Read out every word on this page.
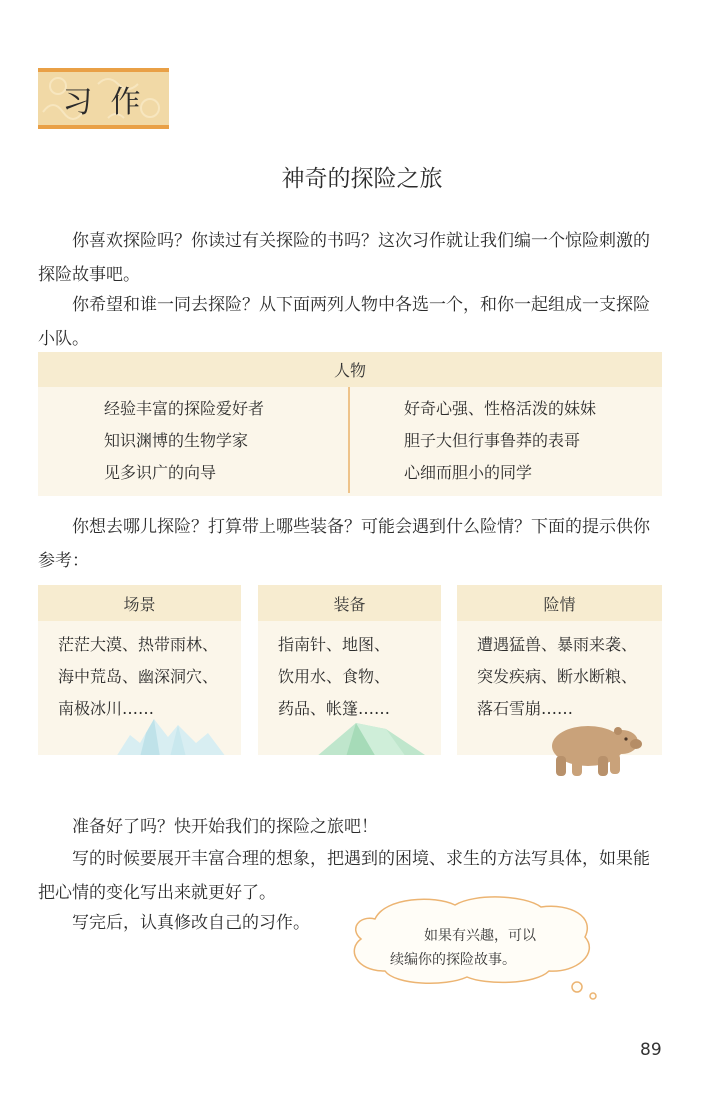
习作
神奇的探险之旅

你喜欢探险吗？你读过有关探险的书吗？这次习作就让我们编一个惊险刺激的探险故事吧。

你希望和谁一同去探险？从下面两列人物中各选一个，和你一起组成一支探险小队。

人物
经验丰富的探险爱好者
知识渊博的生物学家
见多识广的向导
好奇心强、性格活泼的妹妹
胆子大但行事鲁莽的表哥
心细而胆小的同学

你想去哪儿探险？打算带上哪些装备？可能会遇到什么险情？下面的提示供你参考：

场景
茫茫大漠、热带雨林、
海中荒岛、幽深洞穴、
南极冰川……
装备
指南针、地图、
饮用水、食物、
药品、帐篷……
险情
遭遇猛兽、暴雨来袭、
突发疾病、断水断粮、
落石雪崩……

准备好了吗？快开始我们的探险之旅吧！

写的时候要展开丰富合理的想象，把遇到的困境、求生的方法写具体，如果能把心情的变化写出来就更好了。

写完后，认真修改自己的习作。

如果有兴趣，可以
续编你的探险故事。
89
